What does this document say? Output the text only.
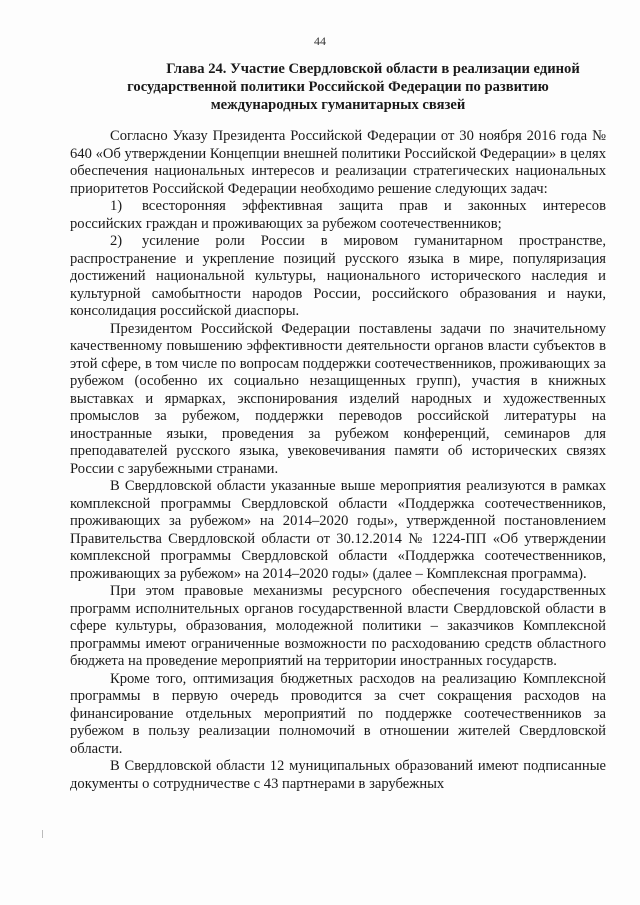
44
Глава 24. Участие Свердловской области в реализации единой
государственной политики Российской Федерации по развитию
международных гуманитарных связей

Согласно Указу Президента Российской Федерации от 30 ноября 2016 года № 640 «Об утверждении Концепции внешней политики Российской Федерации» в целях обеспечения национальных интересов и реализации стратегических национальных приоритетов Российской Федерации необходимо решение следующих задач:

1) всесторонняя эффективная защита прав и законных интересов российских граждан и проживающих за рубежом соотечественников;

2) усиление роли России в мировом гуманитарном пространстве, распространение и укрепление позиций русского языка в мире, популяризация достижений национальной культуры, национального исторического наследия и культурной самобытности народов России, российского образования и науки, консолидация российской диаспоры.

Президентом Российской Федерации поставлены задачи по значительному качественному повышению эффективности деятельности органов власти субъектов в этой сфере, в том числе по вопросам поддержки соотечественников, проживающих за рубежом (особенно их социально незащищенных групп), участия в книжных выставках и ярмарках, экспонирования изделий народных и художественных промыслов за рубежом, поддержки переводов российской литературы на иностранные языки, проведения за рубежом конференций, семинаров для преподавателей русского языка, увековечивания памяти об исторических связях России с зарубежными странами.

В Свердловской области указанные выше мероприятия реализуются в рамках комплексной программы Свердловской области «Поддержка соотечественников, проживающих за рубежом» на 2014–2020 годы», утвержденной постановлением Правительства Свердловской области от 30.12.2014 № 1224-ПП «Об утверждении комплексной программы Свердловской области «Поддержка соотечественников, проживающих за рубежом» на 2014–2020 годы» (далее – Комплексная программа).

При этом правовые механизмы ресурсного обеспечения государственных программ исполнительных органов государственной власти Свердловской области в сфере культуры, образования, молодежной политики – заказчиков Комплексной программы имеют ограниченные возможности по расходованию средств областного бюджета на проведение мероприятий на территории иностранных государств.

Кроме того, оптимизация бюджетных расходов на реализацию Комплексной программы в первую очередь проводится за счет сокращения расходов на финансирование отдельных мероприятий по поддержке соотечественников за рубежом в пользу реализации полномочий в отношении жителей Свердловской области.

В Свердловской области 12 муниципальных образований имеют подписанные документы о сотрудничестве с 43 партнерами в зарубежных
